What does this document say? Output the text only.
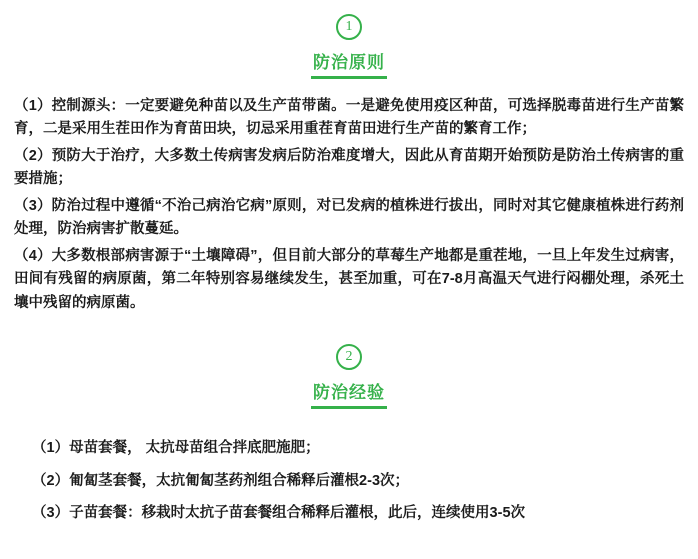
1
防治原则

（1）控制源头：一定要避免种苗以及生产苗带菌。一是避免使用疫区种苗，可选择脱毒苗进行生产苗繁育，二是采用生茬田作为育苗田块，切忌采用重茬育苗田进行生产苗的繁育工作；

（2）预防大于治疗，大多数土传病害发病后防治难度增大，因此从育苗期开始预防是防治土传病害的重要措施；

（3）防治过程中遵循“不治己病治它病”原则，对已发病的植株进行拔出，同时对其它健康植株进行药剂处理，防治病害扩散蔓延。

（4）大多数根部病害源于“土壤障碍”，但目前大部分的草莓生产地都是重茬地，一旦上年发生过病害，田间有残留的病原菌，第二年特别容易继续发生，甚至加重，可在7-8月高温天气进行闷棚处理，杀死土壤中残留的病原菌。

2
防治经验

（1）母苗套餐， 太抗母苗组合拌底肥施肥；

（2）匍匐茎套餐，太抗匍匐茎药剂组合稀释后灌根2-3次；

（3）子苗套餐：移栽时太抗子苗套餐组合稀释后灌根，此后，连续使用3-5次
